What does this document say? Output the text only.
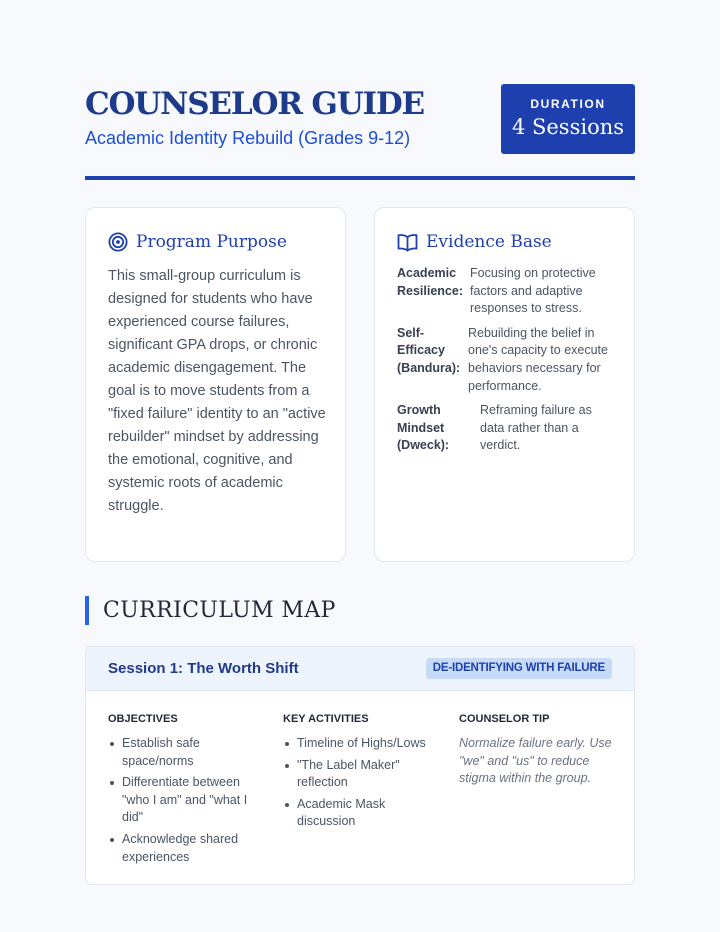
COUNSELOR GUIDE
Academic Identity Rebuild (Grades 9-12)
DURATION
4 Sessions
Program Purpose
This small-group curriculum is designed for students who have experienced course failures, significant GPA drops, or chronic academic disengagement. The goal is to move students from a "fixed failure" identity to an "active rebuilder" mindset by addressing the emotional, cognitive, and systemic roots of academic struggle.
Evidence Base
Academic Resilience:
Focusing on protective factors and adaptive responses to stress.
Self-Efficacy (Bandura):
Rebuilding the belief in one's capacity to execute behaviors necessary for performance.
Growth Mindset (Dweck):
Reframing failure as data rather than a verdict.
CURRICULUM MAP
Session 1: The Worth Shift	DE-IDENTIFYING WITH FAILURE
OBJECTIVES
Establish safe space/norms
Differentiate between "who I am" and "what I did"
Acknowledge shared experiences
KEY ACTIVITIES
Timeline of Highs/Lows
"The Label Maker" reflection
Academic Mask discussion
COUNSELOR TIP
Normalize failure early. Use "we" and "us" to reduce stigma within the group.
